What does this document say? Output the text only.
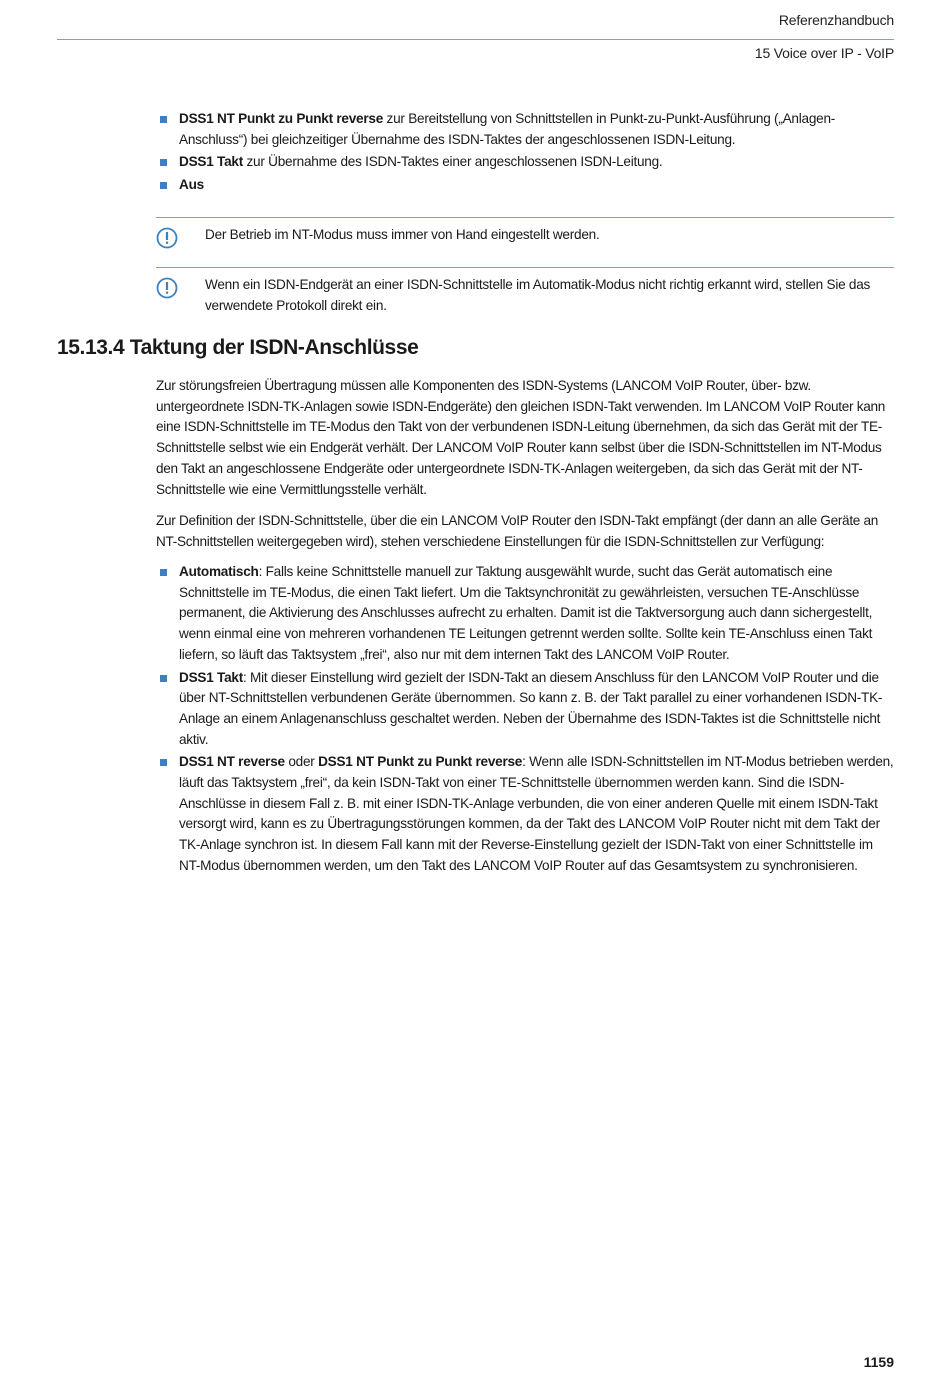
Referenzhandbuch
15 Voice over IP - VoIP
DSS1 NT Punkt zu Punkt reverse zur Bereitstellung von Schnittstellen in Punkt-zu-Punkt-Ausführung („Anlagen-Anschluss“) bei gleichzeitiger Übernahme des ISDN-Taktes der angeschlossenen ISDN-Leitung.
DSS1 Takt zur Übernahme des ISDN-Taktes einer angeschlossenen ISDN-Leitung.
Aus
Der Betrieb im NT-Modus muss immer von Hand eingestellt werden.
Wenn ein ISDN-Endgerät an einer ISDN-Schnittstelle im Automatik-Modus nicht richtig erkannt wird, stellen Sie das verwendete Protokoll direkt ein.
15.13.4 Taktung der ISDN-Anschlüsse

Zur störungsfreien Übertragung müssen alle Komponenten des ISDN-Systems (LANCOM VoIP Router, über- bzw. untergeordnete ISDN-TK-Anlagen sowie ISDN-Endgeräte) den gleichen ISDN-Takt verwenden. Im LANCOM VoIP Router kann eine ISDN-Schnittstelle im TE-Modus den Takt von der verbundenen ISDN-Leitung übernehmen, da sich das Gerät mit der TE-Schnittstelle selbst wie ein Endgerät verhält. Der LANCOM VoIP Router kann selbst über die ISDN-Schnittstellen im NT-Modus den Takt an angeschlossene Endgeräte oder untergeordnete ISDN-TK-Anlagen weitergeben, da sich das Gerät mit der NT-Schnittstelle wie eine Vermittlungsstelle verhält.

Zur Definition der ISDN-Schnittstelle, über die ein LANCOM VoIP Router den ISDN-Takt empfängt (der dann an alle Geräte an NT-Schnittstellen weitergegeben wird), stehen verschiedene Einstellungen für die ISDN-Schnittstellen zur Verfügung:

Automatisch: Falls keine Schnittstelle manuell zur Taktung ausgewählt wurde, sucht das Gerät automatisch eine Schnittstelle im TE-Modus, die einen Takt liefert. Um die Taktsynchronität zu gewährleisten, versuchen TE-Anschlüsse permanent, die Aktivierung des Anschlusses aufrecht zu erhalten. Damit ist die Taktversorgung auch dann sichergestellt, wenn einmal eine von mehreren vorhandenen TE Leitungen getrennt werden sollte. Sollte kein TE-Anschluss einen Takt liefern, so läuft das Taktsystem „frei“, also nur mit dem internen Takt des LANCOM VoIP Router.
DSS1 Takt: Mit dieser Einstellung wird gezielt der ISDN-Takt an diesem Anschluss für den LANCOM VoIP Router und die über NT-Schnittstellen verbundenen Geräte übernommen. So kann z. B. der Takt parallel zu einer vorhandenen ISDN-TK-Anlage an einem Anlagenanschluss geschaltet werden. Neben der Übernahme des ISDN-Taktes ist die Schnittstelle nicht aktiv.
DSS1 NT reverse oder DSS1 NT Punkt zu Punkt reverse: Wenn alle ISDN-Schnittstellen im NT-Modus betrieben werden, läuft das Taktsystem „frei“, da kein ISDN-Takt von einer TE-Schnittstelle übernommen werden kann. Sind die ISDN-Anschlüsse in diesem Fall z. B. mit einer ISDN-TK-Anlage verbunden, die von einer anderen Quelle mit einem ISDN-Takt versorgt wird, kann es zu Übertragungsstörungen kommen, da der Takt des LANCOM VoIP Router nicht mit dem Takt der TK-Anlage synchron ist. In diesem Fall kann mit der Reverse-Einstellung gezielt der ISDN-Takt von einer Schnittstelle im NT-Modus übernommen werden, um den Takt des LANCOM VoIP Router auf das Gesamtsystem zu synchronisieren.
1159
